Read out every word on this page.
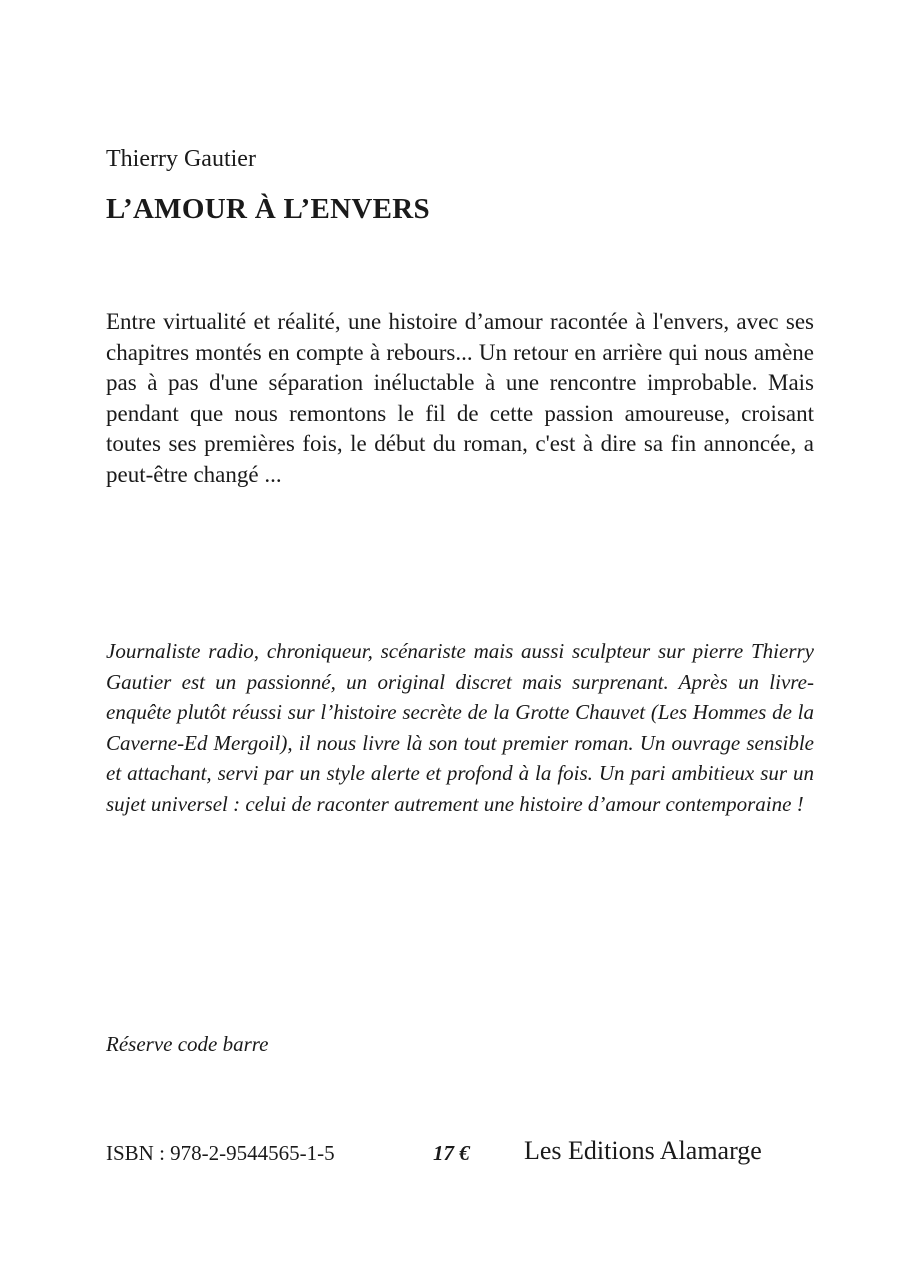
Thierry Gautier
L’AMOUR À L’ENVERS

Entre virtualité et réalité, une histoire d’amour racontée à l'envers, avec ses chapitres montés en compte à rebours... Un retour en arrière qui nous amène pas à pas d'une séparation inéluctable à une rencontre improbable. Mais pendant que nous remontons le fil de cette passion amoureuse, croisant toutes ses premières fois, le début du roman, c'est à dire sa fin annoncée, a peut-être changé ...

Journaliste radio, chroniqueur, scénariste mais aussi sculpteur sur pierre Thierry Gautier est un passionné, un original discret mais surprenant. Après un livre-enquête plutôt réussi sur l’histoire secrète de la Grotte Chauvet (Les Hommes de la Caverne-Ed Mergoil), il nous livre là son tout premier roman. Un ouvrage sensible et attachant, servi par un style alerte et profond à la fois. Un pari ambitieux sur un sujet universel : celui de raconter autrement une histoire d’amour contemporaine !

Réserve code barre

ISBN : 978-2-9544565-1-5	17 € Les Editions Alamarge
